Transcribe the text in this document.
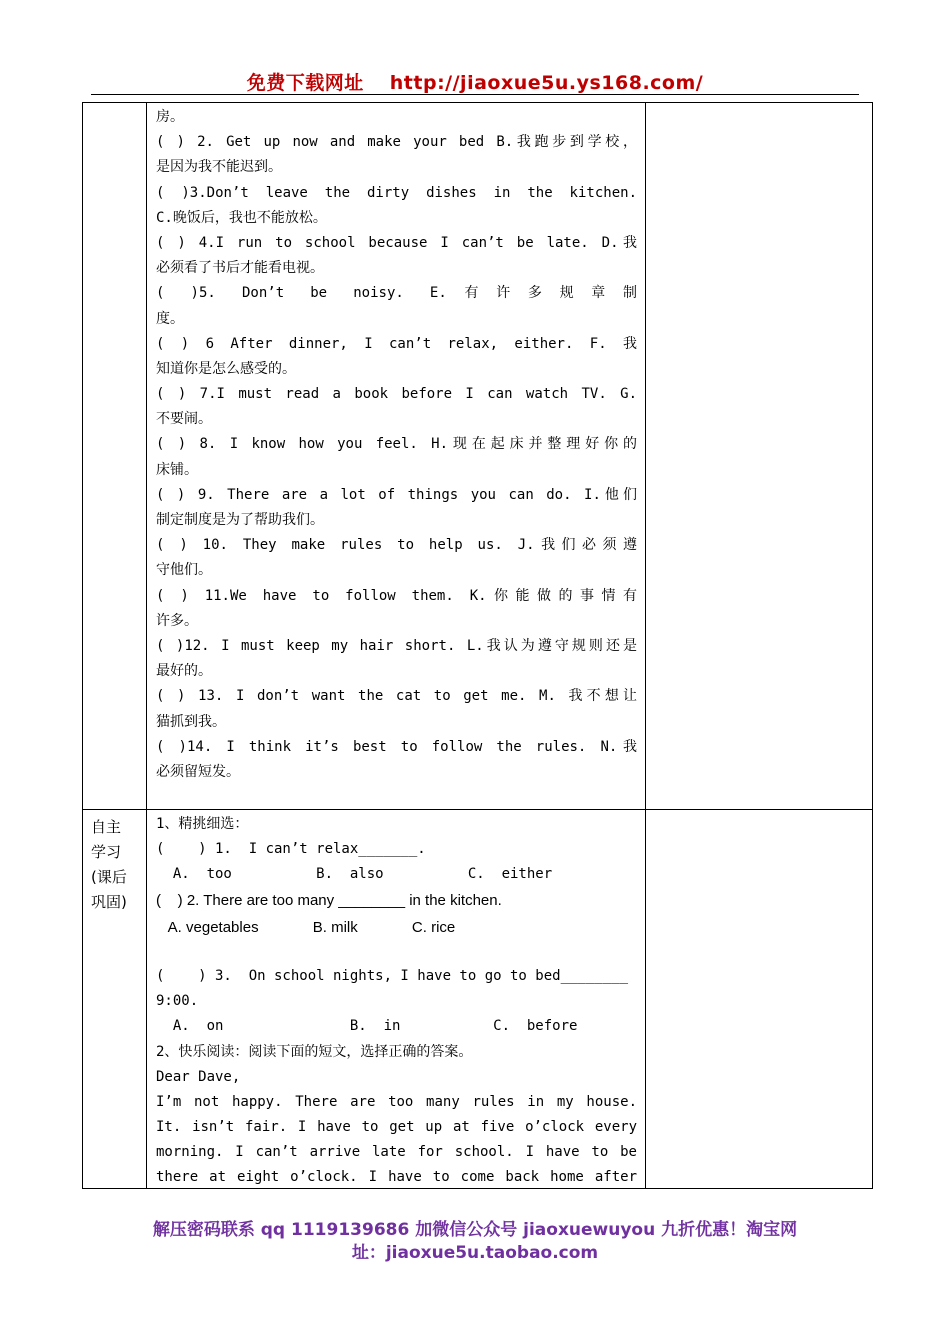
免费下载网址 http://jiaoxue5u.ys168.com/
房。
( ) 2. Get up now and make your bed B.我跑步到学校，
是因为我不能迟到。
( )3.Don’t leave the dirty dishes in the kitchen.
C.晚饭后，我也不能放松。
( ) 4.I run to school because I can’t be late. D.我
必须看了书后才能看电视。
( )5. Don’t be noisy. E.有许多规章制
度。
( ) 6 After dinner, I can’t relax, either. F. 我
知道你是怎么感受的。
( ) 7.I must read a book before I can watch TV. G.
不要闹。
( ) 8. I know how you feel. H.现在起床并整理好你的
床铺。
( ) 9. There are a lot of things you can do. I.他们
制定制度是为了帮助我们。
( ) 10. They make rules to help us. J.我们必须遵
守他们。
( ) 11.We have to follow them. K.你能做的事情有
许多。
( )12. I must keep my hair short. L.我认为遵守规则还是
最好的。
( ) 13. I don’t want the cat to get me. M. 我不想让
猫抓到我。
( )14. I think it’s best to follow the rules. N.我
必须留短发。
自主
学习
(课后
巩固)
1、精挑细选：
(    ) 1.  I can’t relax_______.
A.  too          B.  also          C.  either
(    ) 2. There are too many ________ in the kitchen.
A. vegetables             B. milk             C. rice
(    ) 3.  On school nights, I have to go to bed________
9:00.
A.  on               B.  in           C.  before
2、快乐阅读：阅读下面的短文，选择正确的答案。
Dear Dave,
I’m not happy. There are too many rules in my house.
It. isn’t fair. I have to get up at five o’clock every
morning. I can’t arrive late for school. I have to be
there at eight o’clock. I have to come back home after
解压密码联系 qq 1119139686 加微信公众号 jiaoxuewuyou 九折优惠！淘宝网
址：jiaoxue5u.taobao.com
